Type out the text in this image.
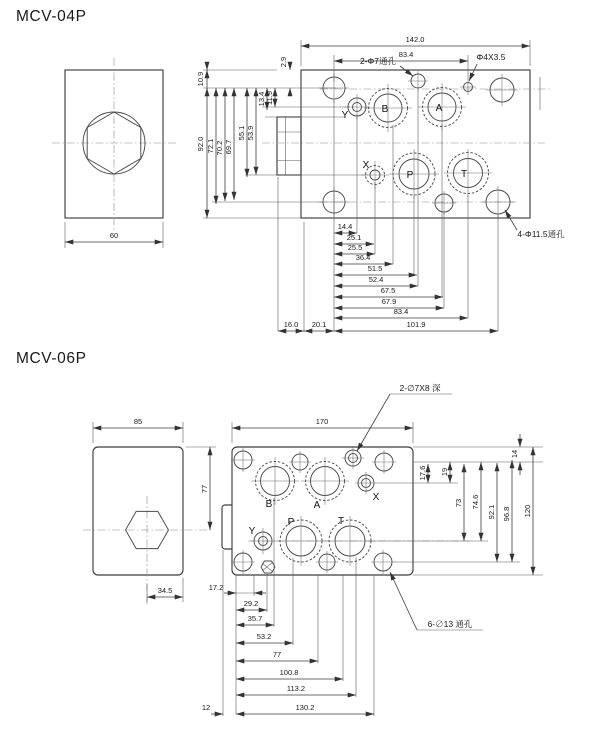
MCV-04P
MCV-06P
60
Y
B	A
X
P	T
142.0
83.4
2-Φ7通孔	Φ4X3.5
4-Φ11.5通孔
92.0
10.9
72.1 70.2 69.7
55.1 53.9
13.4 11.9
2.9
14.4
25.1
25.5
36.4
51.5
52.4
67.5
67.9
83.4
101.9
16.0 20.1
85
77
34.5
B	A
X
Y
P	T
170
2-∅7X8 深
6-∅13 通孔
17.6 19
73 74.6
92.1 96.8
14
120
17.2
29.2
35.7
53.2
77
100.8
113.2
130.2
12
